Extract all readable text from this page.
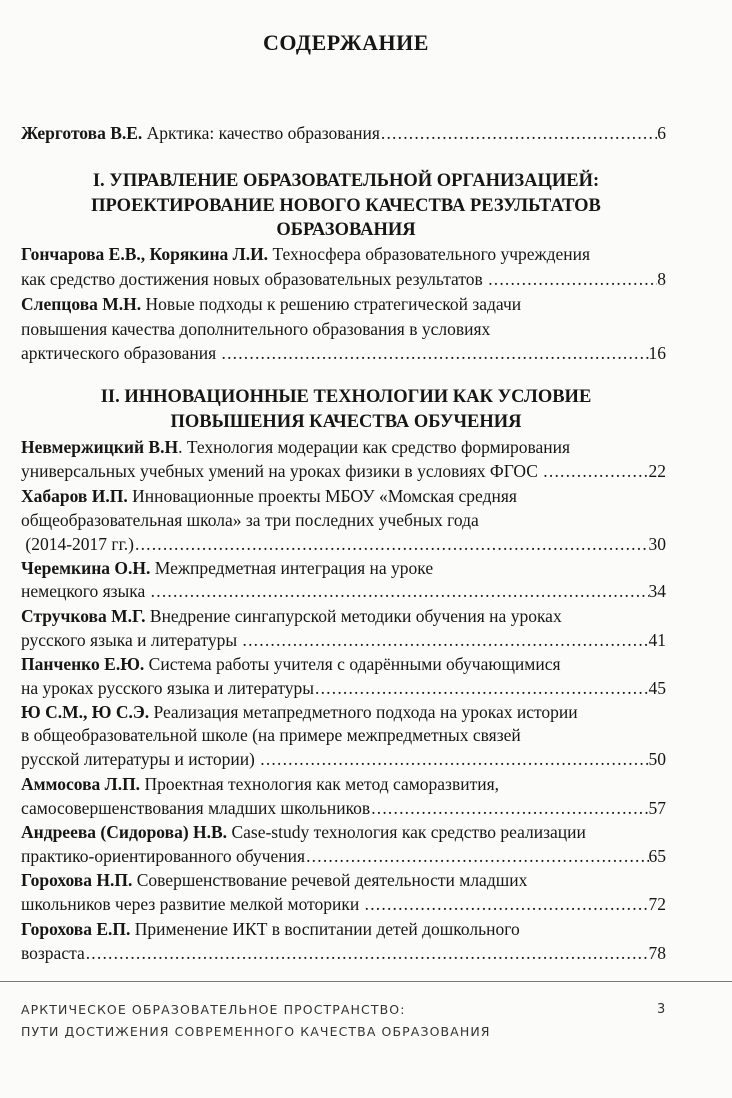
СОДЕРЖАНИЕ
Жерготова В.Е. Арктика: качество образования .....	6
I. УПРАВЛЕНИЕ ОБРАЗОВАТЕЛЬНОЙ ОРГАНИЗАЦИЕЙ:
ПРОЕКТИРОВАНИЕ НОВОГО КАЧЕСТВА РЕЗУЛЬТАТОВ
ОБРАЗОВАНИЯ
Гончарова Е.В., Корякина Л.И. Техносфера образовательного учреждения
как средство достижения новых образовательных результатов .....	8
Слепцова М.Н. Новые подходы к решению стратегической задачи
повышения качества дополнительного образования в условиях
арктического образования .....	16
II. ИННОВАЦИОННЫЕ ТЕХНОЛОГИИ КАК УСЛОВИЕ
ПОВЫШЕНИЯ КАЧЕСТВА ОБУЧЕНИЯ
Невмержицкий В.Н. Технология модерации как средство формирования
универсальных учебных умений на уроках физики в условиях ФГОС .....	22
Хабаров И.П. Инновационные проекты МБОУ «Момская средняя
общеобразовательная школа» за три последних учебных года
(2014-2017 гг.) .....	30
Черемкина О.Н. Межпредметная интеграция на уроке
немецкого языка .....	34
Стручкова М.Г. Внедрение сингапурской методики обучения на уроках
русского языка и литературы .....	41
Панченко Е.Ю. Система работы учителя с одарёнными обучающимися
на уроках русского языка и литературы .....	45
Ю С.М., Ю С.Э. Реализация метапредметного подхода на уроках истории
в общеобразовательной школе (на примере межпредметных связей
русской литературы и истории) .....	50
Аммосова Л.П. Проектная технология как метод саморазвития,
самосовершенствования младших школьников .....	57
Андреева (Сидорова) Н.В. Case-study технология как средство реализации
практико-ориентированного обучения .....	65
Горохова Н.П. Совершенствование речевой деятельности младших
школьников через развитие мелкой моторики .....	72
Горохова Е.П. Применение ИКТ в воспитании детей дошкольного
возраста .....	78
АРКТИЧЕСКОЕ ОБРАЗОВАТЕЛЬНОЕ ПРОСТРАНСТВО:
ПУТИ ДОСТИЖЕНИЯ СОВРЕМЕННОГО КАЧЕСТВА ОБРАЗОВАНИЯ
3
